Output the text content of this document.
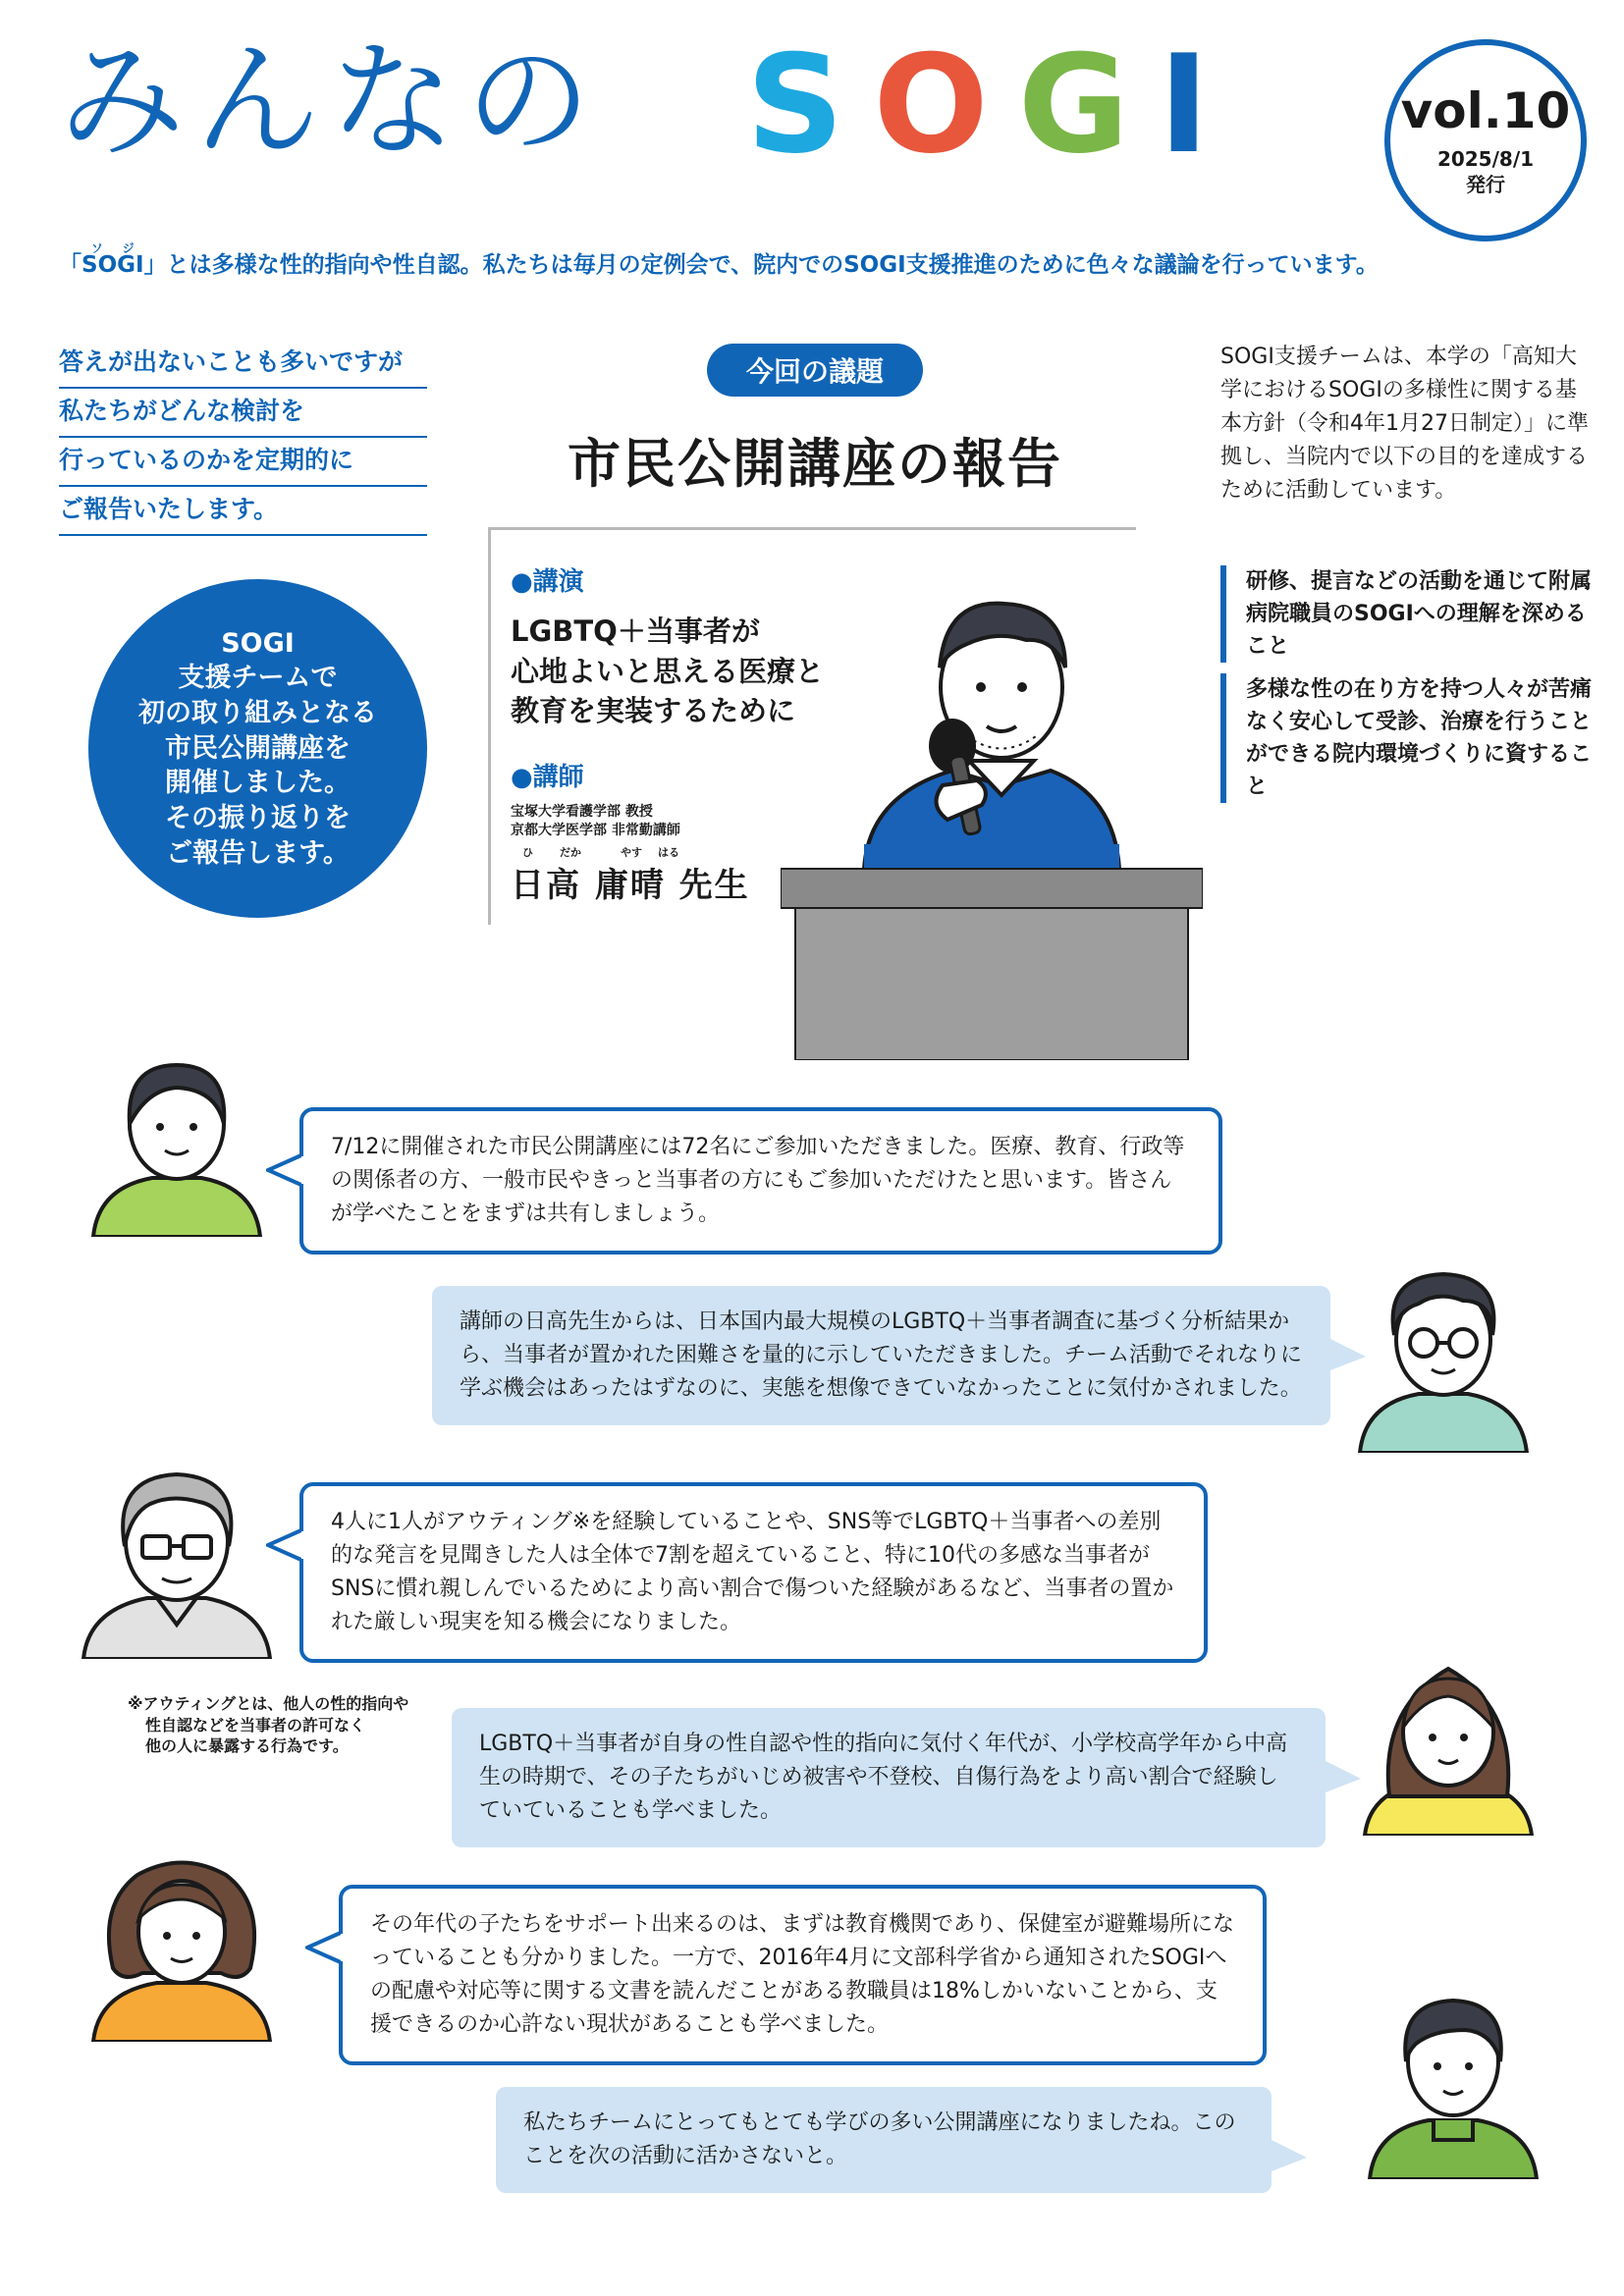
みんなの SOGI	vol.10
2025/8/1
発行
「SOGIソジ」とは多様な性的指向や性自認。私たちは毎月の定例会で、院内でのSOGI支援推進のために色々な議論を行っています。
答えが出ないことも多いですが
私たちがどんな検討を
行っているのかを定期的に
ご報告いたします。
SOGI
支援チームで
初の取り組みとなる
市民公開講座を
開催しました。
その振り返りを
ご報告します。
今回の議題
市民公開講座の報告
●講演
LGBTQ＋当事者が
心地よいと思える医療と
教育を実装するために
●講師
宝塚大学看護学部 教授
京都大学医学部 非常勤講師
ひ だか	やす はる
日高 庸晴 先生
SOGI支援チームは、本学の「高知大学におけるSOGIの多様性に関する基本方針（令和4年1月27日制定）」に準拠し、当院内で以下の目的を達成するために活動しています。
研修、提言などの活動を通じて附属病院職員のSOGIへの理解を深めること
多様な性の在り方を持つ人々が苦痛なく安心して受診、治療を行うことができる院内環境づくりに資すること
7/12に開催された市民公開講座には72名にご参加いただきました。医療、教育、行政等の関係者の方、一般市民やきっと当事者の方にもご参加いただけたと思います。皆さんが学べたことをまずは共有しましょう。
講師の日高先生からは、日本国内最大規模のLGBTQ＋当事者調査に基づく分析結果から、当事者が置かれた困難さを量的に示していただきました。チーム活動でそれなりに学ぶ機会はあったはずなのに、実態を想像できていなかったことに気付かされました。
4人に1人がアウティング※を経験していることや、SNS等でLGBTQ＋当事者への差別的な発言を見聞きした人は全体で7割を超えていること、特に10代の多感な当事者がSNSに慣れ親しんでいるためにより高い割合で傷ついた経験があるなど、当事者の置かれた厳しい現実を知る機会になりました。
※アウティングとは、他人の性的指向や
性自認などを当事者の許可なく
他の人に暴露する行為です。	LGBTQ＋当事者が自身の性自認や性的指向に気付く年代が、小学校高学年から中高生の時期で、その子たちがいじめ被害や不登校、自傷行為をより高い割合で経験していていることも学べました。
その年代の子たちをサポート出来るのは、まずは教育機関であり、保健室が避難場所になっていることも分かりました。一方で、2016年4月に文部科学省から通知されたSOGIへの配慮や対応等に関する文書を読んだことがある教職員は18%しかいないことから、支援できるのか心許ない現状があることも学べました。
私たちチームにとってもとても学びの多い公開講座になりましたね。このことを次の活動に活かさないと。
